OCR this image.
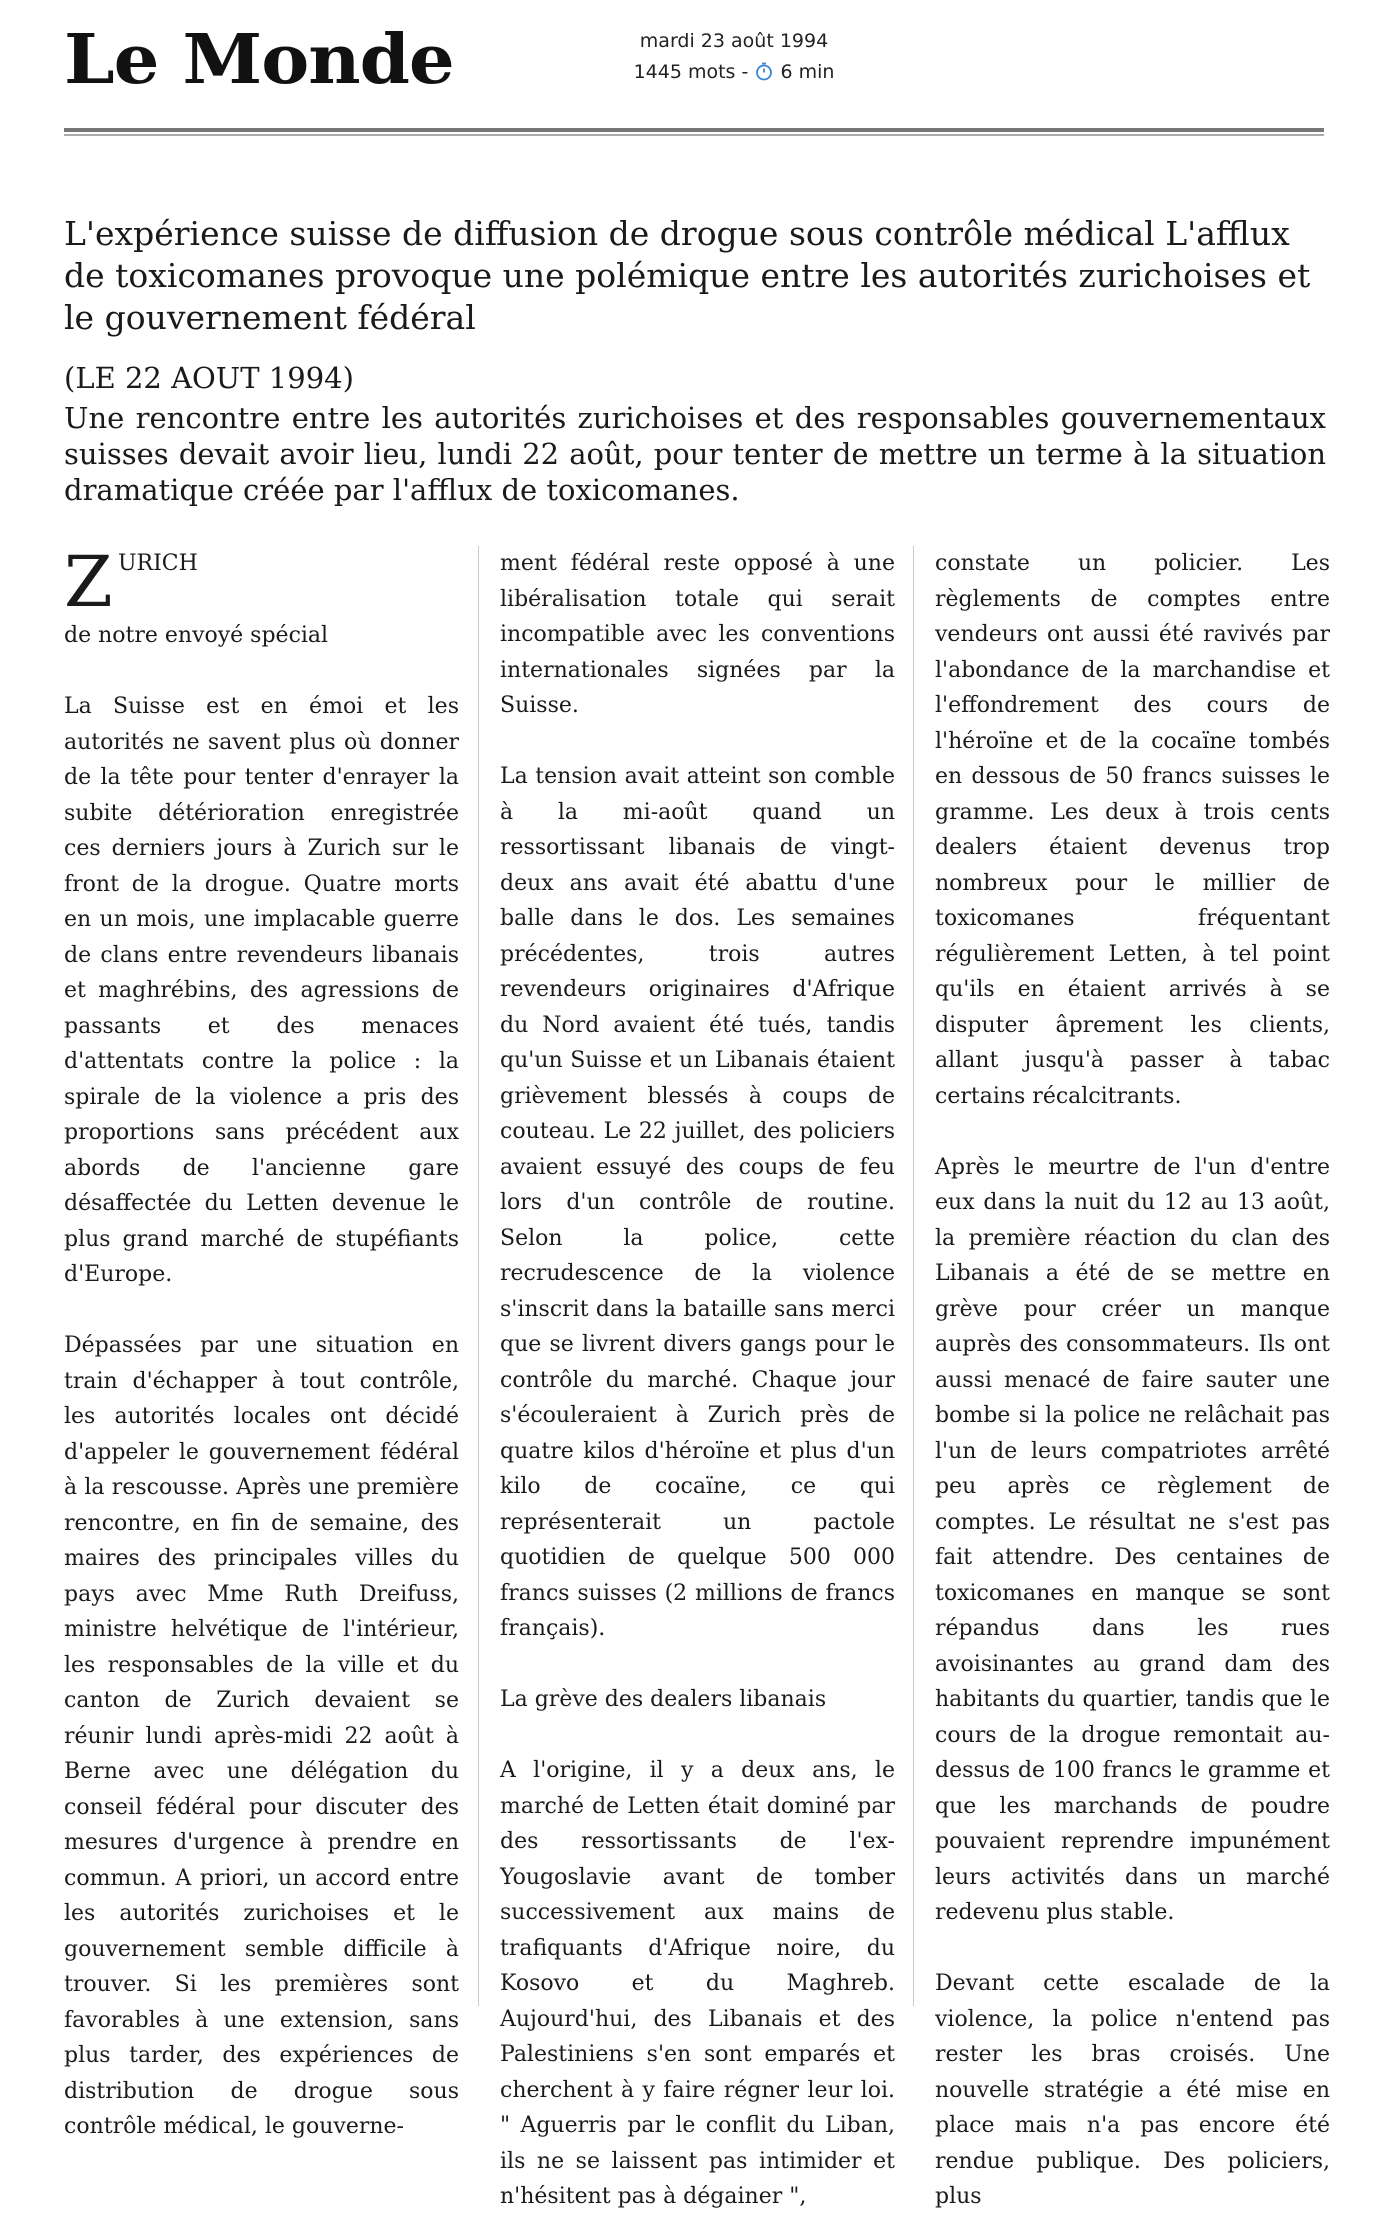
Le Monde	mardi 23 août 1994
1445 mots - 6 min
L'expérience suisse de diffusion de drogue sous contrôle médical L'afflux de toxicomanes provoque une polémique entre les autorités zurichoises et le gouvernement fédéral
(LE 22 AOUT 1994)
Une rencontre entre les autorités zurichoises et des responsables gouvernementaux suisses devait avoir lieu, lundi 22 août, pour tenter de mettre un terme à la situation dramatique créée par l'afflux de toxicomanes.
Z URICH
de notre envoyé spécial

La Suisse est en émoi et les autorités ne savent plus où donner de la tête pour tenter d'enrayer la subite détérioration enregistrée ces derniers jours à Zurich sur le front de la drogue. Quatre morts en un mois, une implacable guerre de clans entre revendeurs libanais et maghrébins, des agressions de passants et des menaces d'attentats contre la police : la spirale de la violence a pris des proportions sans précédent aux abords de l'ancienne gare désaffectée du Letten devenue le plus grand marché de stupéfiants d'Europe.

Dépassées par une situation en train d'échapper à tout contrôle, les autorités locales ont décidé d'appeler le gouvernement fédéral à la rescousse. Après une première rencontre, en fin de semaine, des maires des principales villes du pays avec Mme Ruth Dreifuss, ministre helvétique de l'intérieur, les responsables de la ville et du canton de Zurich devaient se réunir lundi après-midi 22 août à Berne avec une délégation du conseil fédéral pour discuter des mesures d'urgence à prendre en commun. A priori, un accord entre les autorités zurichoises et le gouvernement semble difficile à trouver. Si les premières sont favorables à une extension, sans plus tarder, des expériences de distribution de drogue sous contrôle médical, le gouverne-

ment fédéral reste opposé à une libéralisation totale qui serait incompatible avec les conventions internationales signées par la Suisse.

La tension avait atteint son comble à la mi-août quand un ressortissant libanais de vingt-deux ans avait été abattu d'une balle dans le dos. Les semaines précédentes, trois autres revendeurs originaires d'Afrique du Nord avaient été tués, tandis qu'un Suisse et un Libanais étaient grièvement blessés à coups de couteau. Le 22 juillet, des policiers avaient essuyé des coups de feu lors d'un contrôle de routine. Selon la police, cette recrudescence de la violence s'inscrit dans la bataille sans merci que se livrent divers gangs pour le contrôle du marché. Chaque jour s'écouleraient à Zurich près de quatre kilos d'héroïne et plus d'un kilo de cocaïne, ce qui représenterait un pactole quotidien de quelque 500 000 francs suisses (2 millions de francs français).

La grève des dealers libanais

A l'origine, il y a deux ans, le marché de Letten était dominé par des ressortissants de l'ex-Yougoslavie avant de tomber successivement aux mains de trafiquants d'Afrique noire, du Kosovo et du Maghreb. Aujourd'hui, des Libanais et des Palestiniens s'en sont emparés et cherchent à y faire régner leur loi. " Aguerris par le conflit du Liban, ils ne se laissent pas intimider et n'hésitent pas à dégainer ",

constate un policier. Les règlements de comptes entre vendeurs ont aussi été ravivés par l'abondance de la marchandise et l'effondrement des cours de l'héroïne et de la cocaïne tombés en dessous de 50 francs suisses le gramme. Les deux à trois cents dealers étaient devenus trop nombreux pour le millier de toxicomanes fréquentant régulièrement Letten, à tel point qu'ils en étaient arrivés à se disputer âprement les clients, allant jusqu'à passer à tabac certains récalcitrants.

Après le meurtre de l'un d'entre eux dans la nuit du 12 au 13 août, la première réaction du clan des Libanais a été de se mettre en grève pour créer un manque auprès des consommateurs. Ils ont aussi menacé de faire sauter une bombe si la police ne relâchait pas l'un de leurs compatriotes arrêté peu après ce règlement de comptes. Le résultat ne s'est pas fait attendre. Des centaines de toxicomanes en manque se sont répandus dans les rues avoisinantes au grand dam des habitants du quartier, tandis que le cours de la drogue remontait au-dessus de 100 francs le gramme et que les marchands de poudre pouvaient reprendre impunément leurs activités dans un marché redevenu plus stable.

Devant cette escalade de la violence, la police n'entend pas rester les bras croisés. Une nouvelle stratégie a été mise en place mais n'a pas encore été rendue publique. Des policiers, plus
